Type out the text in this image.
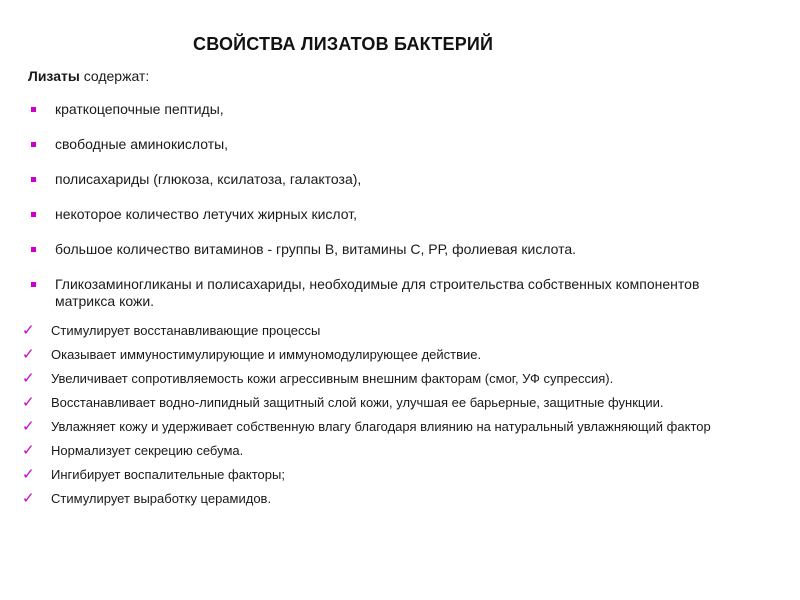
СВОЙСТВА ЛИЗАТОВ БАКТЕРИЙ
Лизаты содержат:
краткоцепочные пептиды,
свободные аминокислоты,
полисахариды (глюкоза, ксилатоза, галактоза),
некоторое количество летучих жирных кислот,
большое количество витаминов - группы В, витамины С, РР, фолиевая кислота.
Гликозаминогликаны и полисахариды, необходимые для строительства собственных компонентов матрикса кожи.
✓ Стимулирует восстанавливающие процессы
✓ Оказывает иммуностимулирующие и иммуномодулирующее действие.
✓ Увеличивает сопротивляемость кожи агрессивным внешним факторам (смог, УФ супрессия).
✓ Восстанавливает водно-липидный защитный слой кожи, улучшая ее барьерные, защитные функции.
✓ Увлажняет кожу и удерживает собственную влагу благодаря влиянию на натуральный увлажняющий фактор
✓ Нормализует секрецию себума.
✓ Ингибирует воспалительные факторы;
✓ Стимулирует выработку церамидов.
